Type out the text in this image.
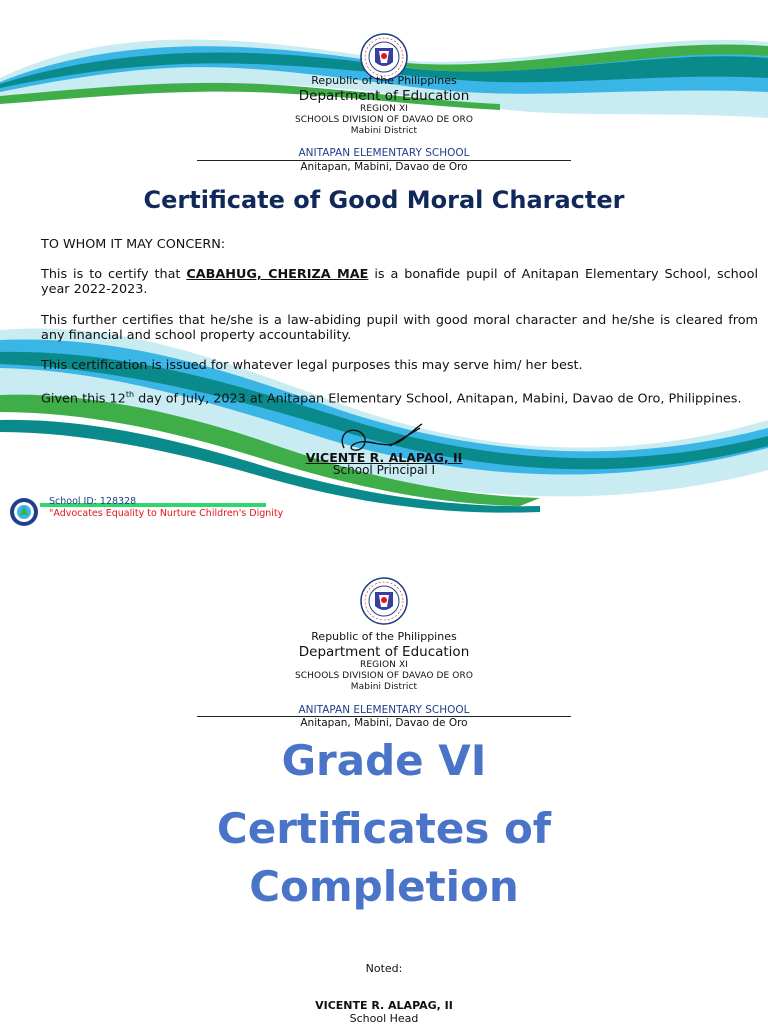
Republic of the Philippines
Department of Education
REGION XI
SCHOOLS DIVISION OF DAVAO DE ORO
Mabini District
ANITAPAN ELEMENTARY SCHOOL
Anitapan, Mabini, Davao de Oro
Certificate of Good Moral Character
TO WHOM IT MAY CONCERN:
This is to certify that CABAHUG, CHERIZA MAE is a bonafide pupil of Anitapan Elementary School, school year 2022-2023.
This further certifies that he/she is a law-abiding pupil with good moral character and he/she is cleared from any financial and school property accountability.
This certification is issued for whatever legal purposes this may serve him/ her best.
Given this 12th day of July, 2023 at Anitapan Elementary School, Anitapan, Mabini, Davao de Oro, Philippines.
VICENTE R. ALAPAG, II
School Principal I
School ID: 128328
"Advocates Equality to Nurture Children's Dignity
Republic of the Philippines
Department of Education
REGION XI
SCHOOLS DIVISION OF DAVAO DE ORO
Mabini District
ANITAPAN ELEMENTARY SCHOOL
Anitapan, Mabini, Davao de Oro
Grade VI
Certificates of
Completion
Noted:
VICENTE R. ALAPAG, II
School Head
